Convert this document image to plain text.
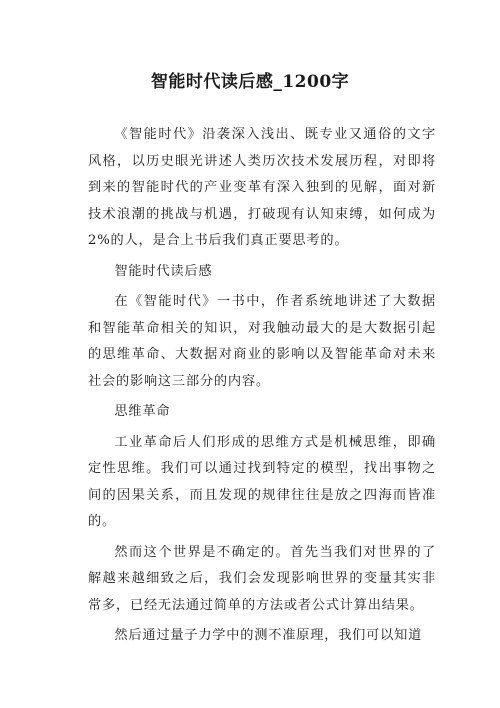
智能时代读后感_1200字

《智能时代》沿袭深入浅出、既专业又通俗的文字风格，以历史眼光讲述人类历次技术发展历程，对即将到来的智能时代的产业变革有深入独到的见解，面对新技术浪潮的挑战与机遇，打破现有认知束缚，如何成为2%的人，是合上书后我们真正要思考的。

智能时代读后感

在《智能时代》一书中，作者系统地讲述了大数据和智能革命相关的知识，对我触动最大的是大数据引起的思维革命、大数据对商业的影响以及智能革命对未来社会的影响这三部分的内容。

思维革命

工业革命后人们形成的思维方式是机械思维，即确定性思维。我们可以通过找到特定的模型，找出事物之间的因果关系，而且发现的规律往往是放之四海而皆准的。

然而这个世界是不确定的。首先当我们对世界的了解越来越细致之后，我们会发现影响世界的变量其实非常多，已经无法通过简单的方法或者公式计算出结果。

然后通过量子力学中的测不准原理，我们可以知道
